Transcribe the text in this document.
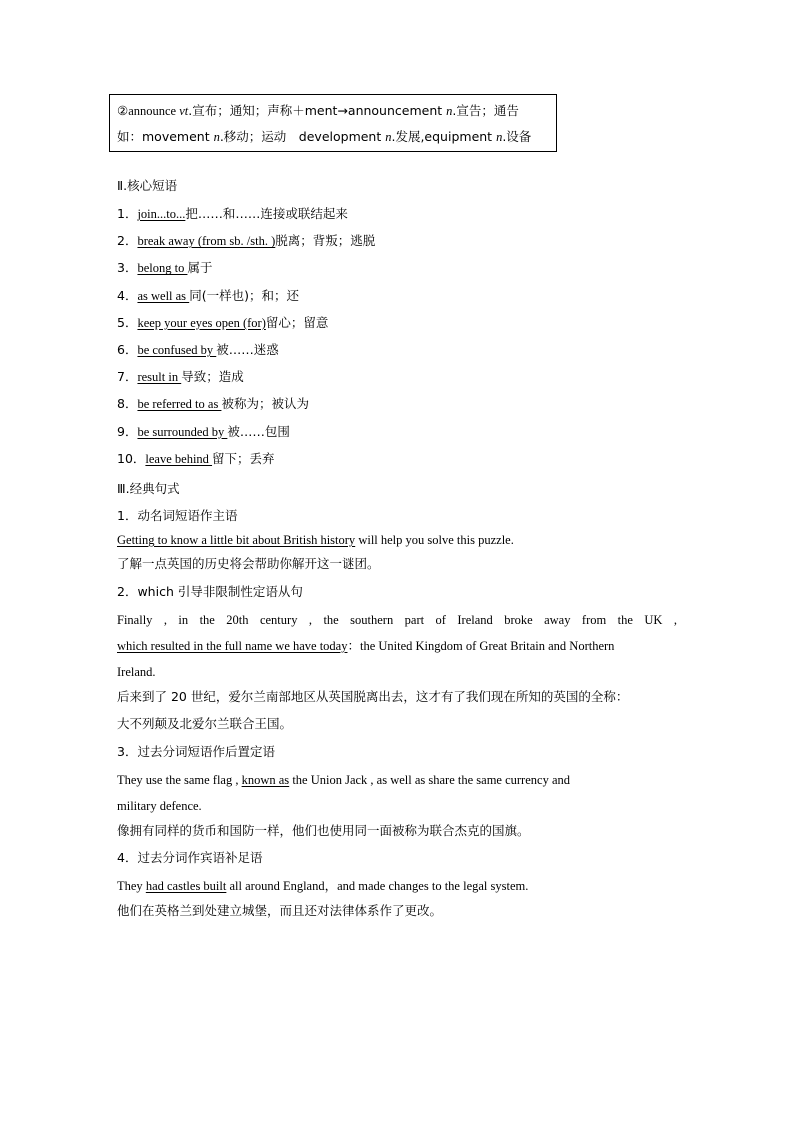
②announce vt.宣布；通知；声称＋ment→announcement n.宣告；通告
如：movement n.移动；运动　development n.发展,equipment n.设备
Ⅱ.核心短语
1．join...to...把……和……连接或联结起来
2．break away (from sb. /sth. )脱离；背叛；逃脱
3．belong to 属于
4．as well as 同(一样也)；和；还
5．keep your eyes open (for)留心；留意
6．be confused by 被……迷惑
7．result in 导致；造成
8．be referred to as 被称为；被认为
9．be surrounded by 被……包围
10．leave behind 留下；丢弃
Ⅲ.经典句式
1．动名词短语作主语
Getting to know a little bit about British history will help you solve this puzzle.
了解一点英国的历史将会帮助你解开这一谜团。
2．which 引导非限制性定语从句
Finally , in the 20th century , the southern part of Ireland broke away from the UK ,
which resulted in the full name we have today：the United Kingdom of Great Britain and Northern
Ireland.
后来到了 20 世纪，爱尔兰南部地区从英国脱离出去，这才有了我们现在所知的英国的全称：
大不列颠及北爱尔兰联合王国。
3．过去分词短语作后置定语
They use the same flag , known as the Union Jack , as well as share the same currency and
military defence.
像拥有同样的货币和国防一样，他们也使用同一面被称为联合杰克的国旗。
4．过去分词作宾语补足语
They had castles built all around England，and made changes to the legal system.
他们在英格兰到处建立城堡，而且还对法律体系作了更改。
